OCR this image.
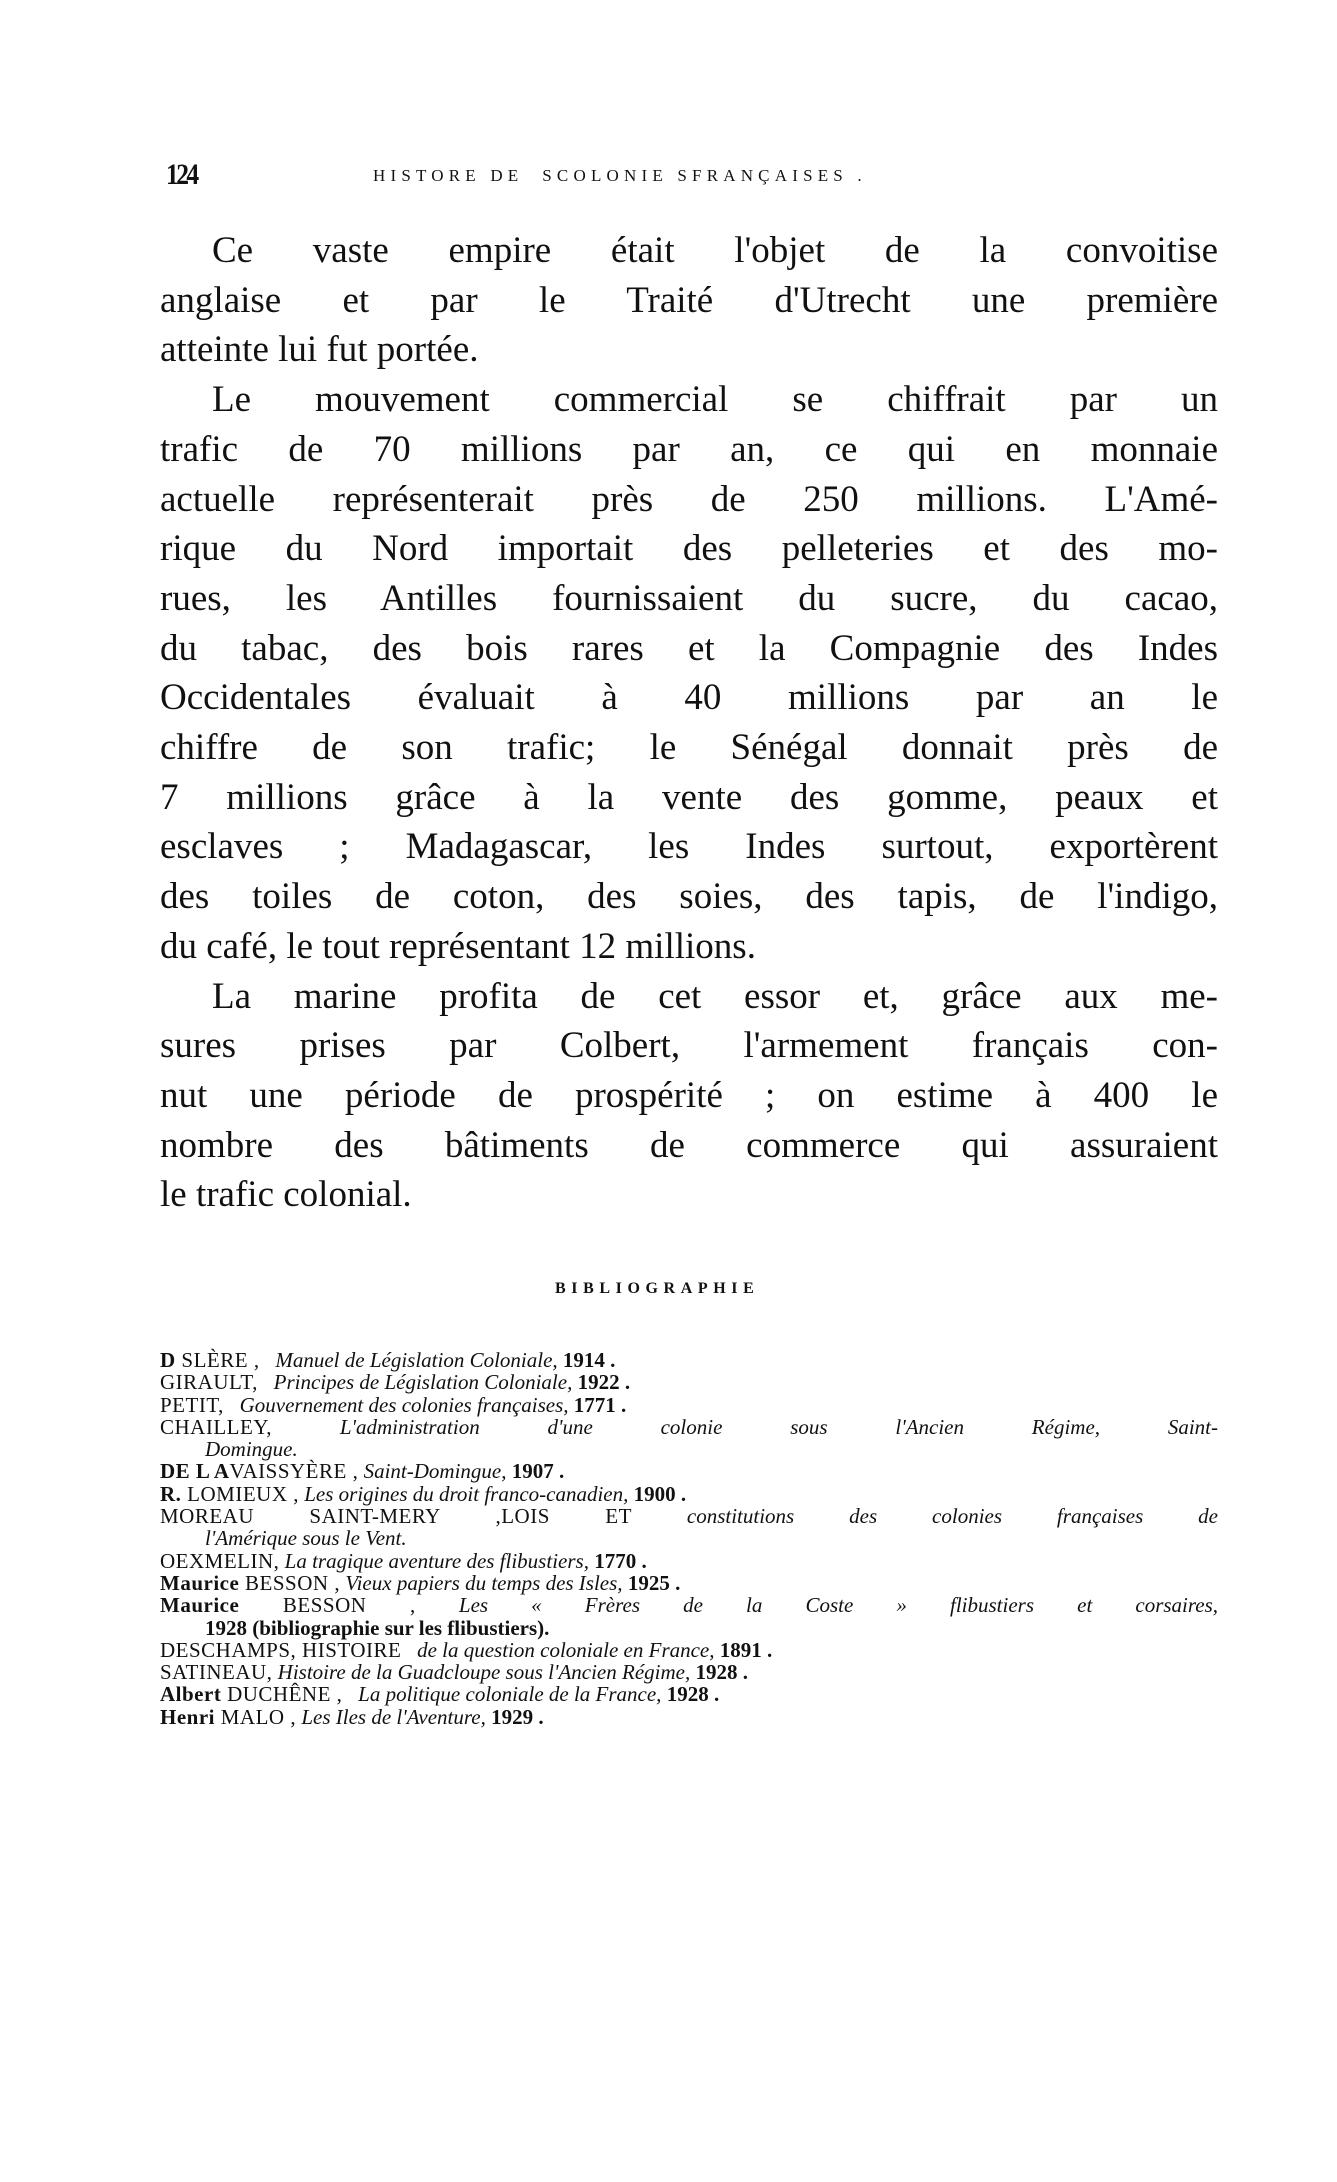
124	HISTORE DE  SCOLONIE SFRANÇAISES .
Ce vaste empire était l'objet de la convoitise
anglaise et par le Traité d'Utrecht une première
atteinte lui fut portée.
Le mouvement commercial se chiffrait par un
trafic de 70 millions par an, ce qui en monnaie
actuelle représenterait près de 250 millions. L'Amé-
rique du Nord importait des pelleteries et des mo-
rues, les Antilles fournissaient du sucre, du cacao,
du tabac, des bois rares et la Compagnie des Indes
Occidentales évaluait à 40 millions par an le
chiffre de son trafic; le Sénégal donnait près de
7 millions grâce à la vente des gomme, peaux et
esclaves ; Madagascar, les Indes surtout, exportèrent
des toiles de coton, des soies, des tapis, de l'indigo,
du café, le tout représentant 12 millions.
La marine profita de cet essor et, grâce aux me-
sures prises par Colbert, l'armement français con-
nut une période de prospérité ; on estime à 400 le
nombre des bâtiments de commerce qui assuraient
le trafic colonial.
BIBLIOGRAPHIE
D SLÈRE , Manuel de Législation Coloniale, 1914 .
GIRAULT, Principes de Législation Coloniale, 1922 .
PETIT, Gouvernement des colonies françaises, 1771 .
CHAILLEY,	L'administration d'une colonie sous l'Ancien Régime, Saint-
Domingue.
DE L AVAISSYÈRE , Saint-Domingue, 1907 .
R. LOMIEUX , Les origines du droit franco-canadien, 1900 .
MOREAU SAINT-MERY ,LOIS ET	constitutions des colonies françaises de
l'Amérique sous le Vent.
OEXMELIN, La tragique aventure des flibustiers, 1770 .
Maurice BESSON , Vieux papiers du temps des Isles, 1925 .
Maurice BESSON , Les « Frères de la Coste » flibustiers et corsaires,
1928 (bibliographie sur les flibustiers).
DESCHAMPS, HISTOIRE de la question coloniale en France, 1891 .
SATINEAU, Histoire de la Guadcloupe sous l'Ancien Régime, 1928 .
Albert DUCHÊNE , La politique coloniale de la France, 1928 .
Henri MALO , Les Iles de l'Aventure, 1929 .
